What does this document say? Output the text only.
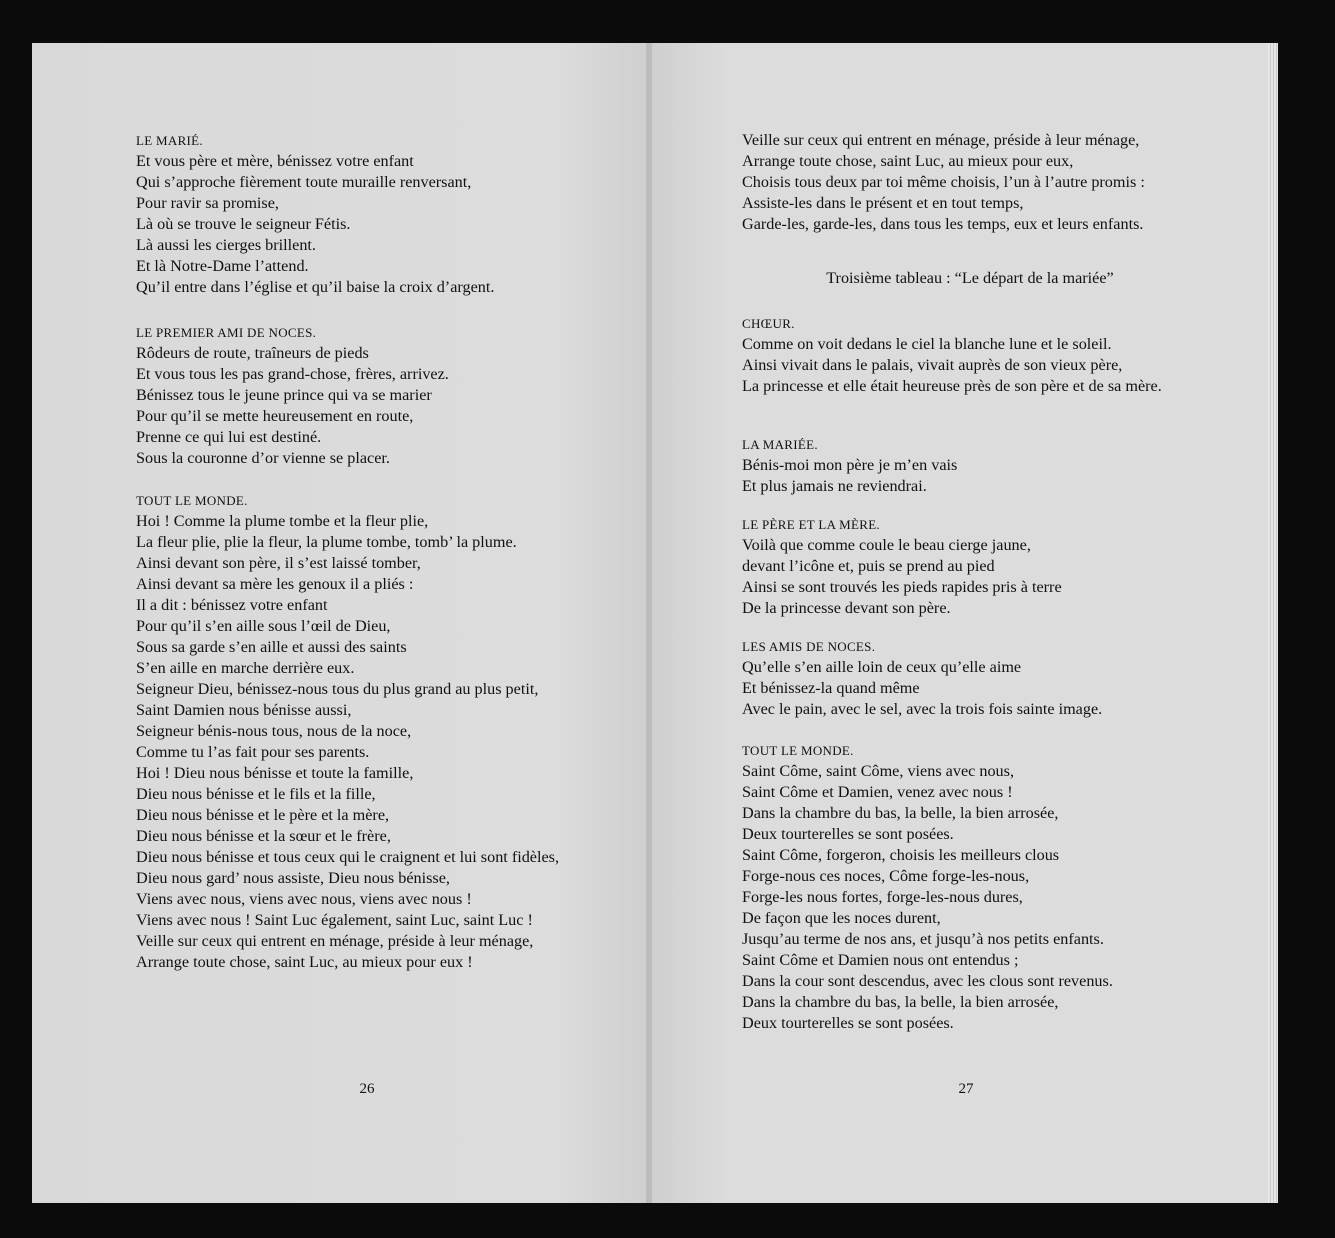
LE MARIÉ.
Et vous père et mère, bénissez votre enfant
Qui s’approche fièrement toute muraille renversant,
Pour ravir sa promise,
Là où se trouve le seigneur Fétis.
Là aussi les cierges brillent.
Et là Notre-Dame l’attend.
Qu’il entre dans l’église et qu’il baise la croix d’argent.
LE PREMIER AMI DE NOCES.
Rôdeurs de route, traîneurs de pieds
Et vous tous les pas grand-chose, frères, arrivez.
Bénissez tous le jeune prince qui va se marier
Pour qu’il se mette heureusement en route,
Prenne ce qui lui est destiné.
Sous la couronne d’or vienne se placer.
TOUT LE MONDE.
Hoi ! Comme la plume tombe et la fleur plie,
La fleur plie, plie la fleur, la plume tombe, tomb’ la plume.
Ainsi devant son père, il s’est laissé tomber,
Ainsi devant sa mère les genoux il a pliés :
Il a dit : bénissez votre enfant
Pour qu’il s’en aille sous l’œil de Dieu,
Sous sa garde s’en aille et aussi des saints
S’en aille en marche derrière eux.
Seigneur Dieu, bénissez-nous tous du plus grand au plus petit,
Saint Damien nous bénisse aussi,
Seigneur bénis-nous tous, nous de la noce,
Comme tu l’as fait pour ses parents.
Hoi ! Dieu nous bénisse et toute la famille,
Dieu nous bénisse et le fils et la fille,
Dieu nous bénisse et le père et la mère,
Dieu nous bénisse et la sœur et le frère,
Dieu nous bénisse et tous ceux qui le craignent et lui sont fidèles,
Dieu nous gard’ nous assiste, Dieu nous bénisse,
Viens avec nous, viens avec nous, viens avec nous !
Viens avec nous ! Saint Luc également, saint Luc, saint Luc !
Veille sur ceux qui entrent en ménage, préside à leur ménage,
Arrange toute chose, saint Luc, au mieux pour eux !
26
Veille sur ceux qui entrent en ménage, préside à leur ménage,
Arrange toute chose, saint Luc, au mieux pour eux,
Choisis tous deux par toi même choisis, l’un à l’autre promis :
Assiste-les dans le présent et en tout temps,
Garde-les, garde-les, dans tous les temps, eux et leurs enfants.
CHŒUR.
Comme on voit dedans le ciel la blanche lune et le soleil.
Ainsi vivait dans le palais, vivait auprès de son vieux père,
La princesse et elle était heureuse près de son père et de sa mère.
LA MARIÉE.
Bénis-moi mon père je m’en vais
Et plus jamais ne reviendrai.
LE PÈRE ET LA MÈRE.
Voilà que comme coule le beau cierge jaune,
devant l’icône et, puis se prend au pied
Ainsi se sont trouvés les pieds rapides pris à terre
De la princesse devant son père.
LES AMIS DE NOCES.
Qu’elle s’en aille loin de ceux qu’elle aime
Et bénissez-la quand même
Avec le pain, avec le sel, avec la trois fois sainte image.
TOUT LE MONDE.
Saint Côme, saint Côme, viens avec nous,
Saint Côme et Damien, venez avec nous !
Dans la chambre du bas, la belle, la bien arrosée,
Deux tourterelles se sont posées.
Saint Côme, forgeron, choisis les meilleurs clous
Forge-nous ces noces, Côme forge-les-nous,
Forge-les nous fortes, forge-les-nous dures,
De façon que les noces durent,
Jusqu’au terme de nos ans, et jusqu’à nos petits enfants.
Saint Côme et Damien nous ont entendus ;
Dans la cour sont descendus, avec les clous sont revenus.
Dans la chambre du bas, la belle, la bien arrosée,
Deux tourterelles se sont posées.
Troisième tableau : “Le départ de la mariée”
27
